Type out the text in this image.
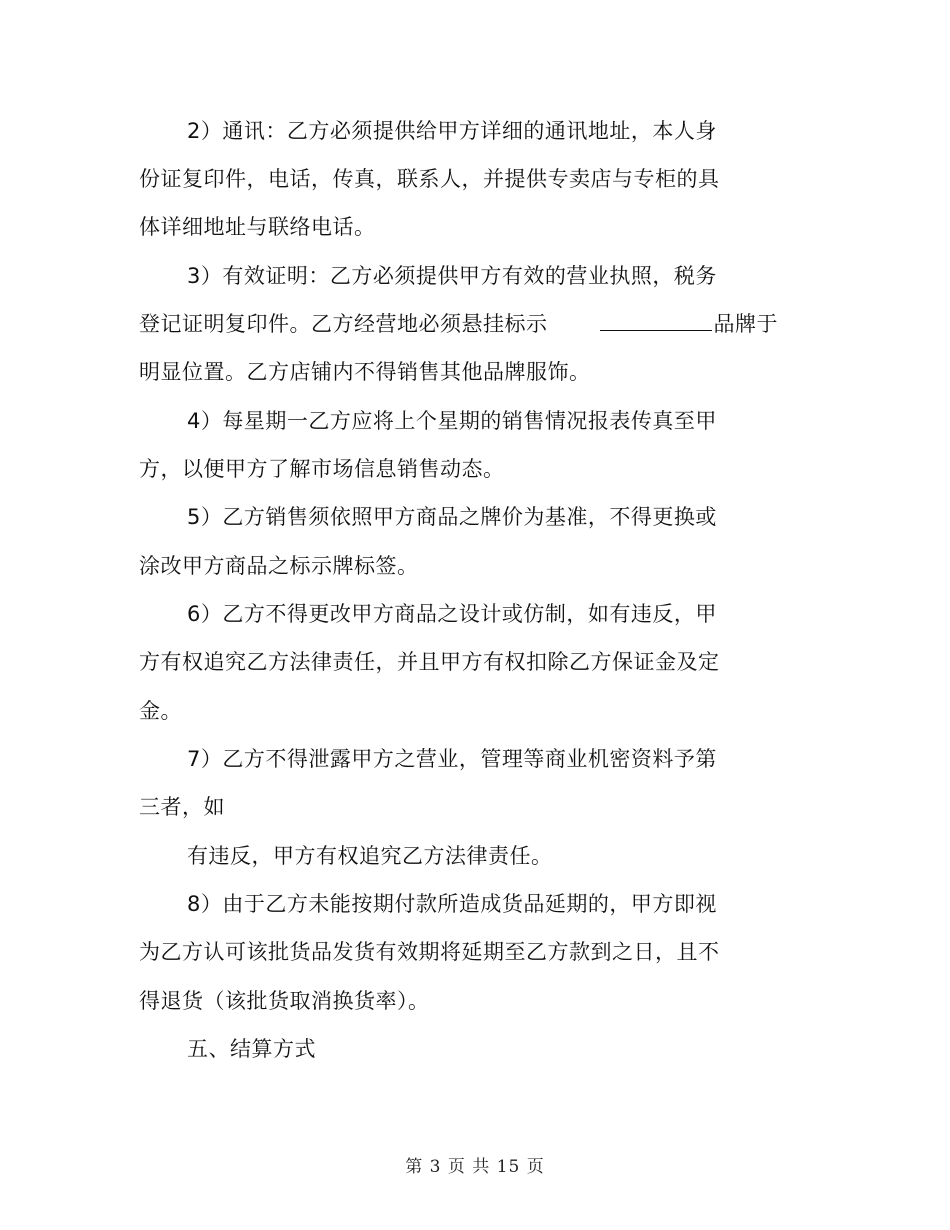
2）通讯：乙方必须提供给甲方详细的通讯地址，本人身
份证复印件，电话，传真，联系人，并提供专卖店与专柜的具
体详细地址与联络电话。
3）有效证明：乙方必须提供甲方有效的营业执照，税务
登记证明复印件。乙方经营地必须悬挂标示	品牌于
明显位置。乙方店铺内不得销售其他品牌服饰。
4）每星期一乙方应将上个星期的销售情况报表传真至甲
方，以便甲方了解市场信息销售动态。
5）乙方销售须依照甲方商品之牌价为基准，不得更换或
涂改甲方商品之标示牌标签。
6）乙方不得更改甲方商品之设计或仿制，如有违反，甲
方有权追究乙方法律责任，并且甲方有权扣除乙方保证金及定
金。
7）乙方不得泄露甲方之营业，管理等商业机密资料予第
三者，如
有违反，甲方有权追究乙方法律责任。
8）由于乙方未能按期付款所造成货品延期的，甲方即视
为乙方认可该批货品发货有效期将延期至乙方款到之日，且不
得退货（该批货取消换货率）。
五、结算方式
第 3 页 共 15 页
